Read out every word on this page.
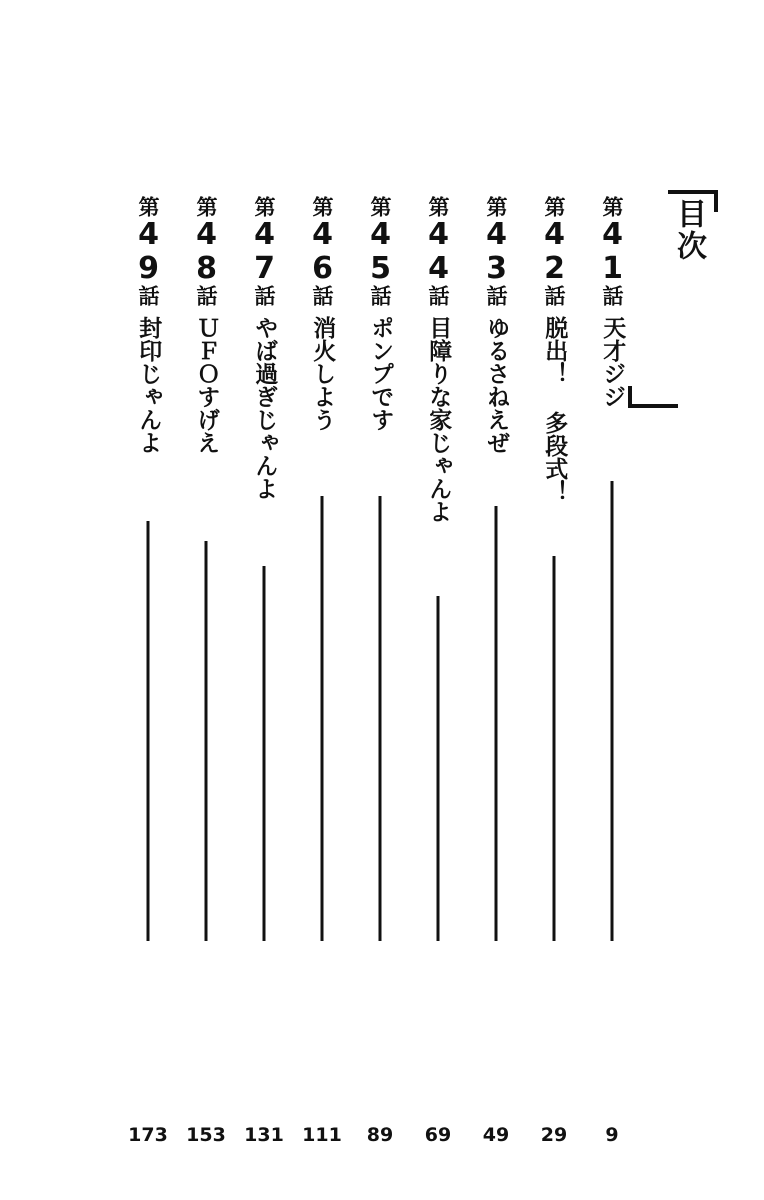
目次
第41話
天才ジジ
9
第42話
脱出！ 多段式！
29
第43話
ゆるさねえぜ
49
第44話
目障りな家じゃんよ
69
第45話
ポンプです
89
第46話
消火しよう
111
第47話
やば過ぎじゃんよ
131
第48話
ＵＦＯすげえ
153
第49話
封印じゃんよ
173
